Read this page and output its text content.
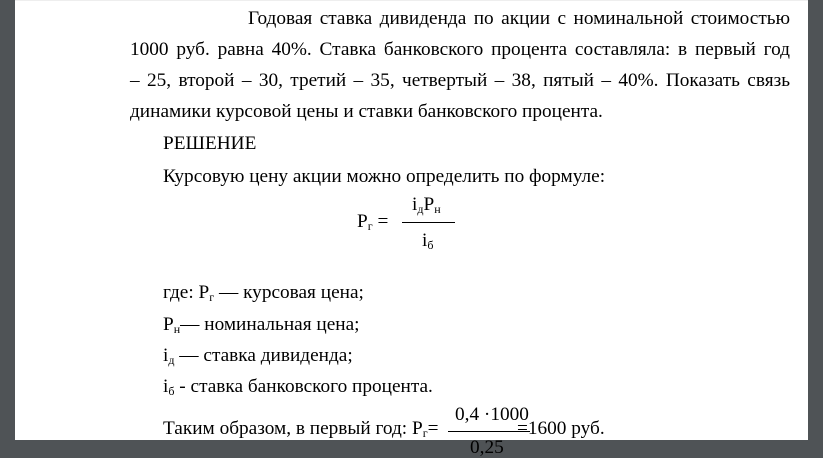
Годовая ставка дивиденда по акции с номинальной стоимостью
1000 руб. равна 40%. Ставка банковского процента составляла: в первый год
– 25, второй – 30, третий – 35, четвертый – 38, пятый – 40%. Показать связь
динамики курсовой цены и ставки банковского процента.
РЕШЕНИЕ
Курсовую цену акции можно определить по формуле:
$P_г$ =
$i_дP_н$
$i_б$
где: $P_г$ — курсовая цена;
$P_н—$ номинальная цена;
$i_д$ — ставка дивиденда;
$i_б$ - ставка банковского процента.
Таким образом, в первый год: $P_г=$
0,4 ·1000
0,25
=1600 руб.
